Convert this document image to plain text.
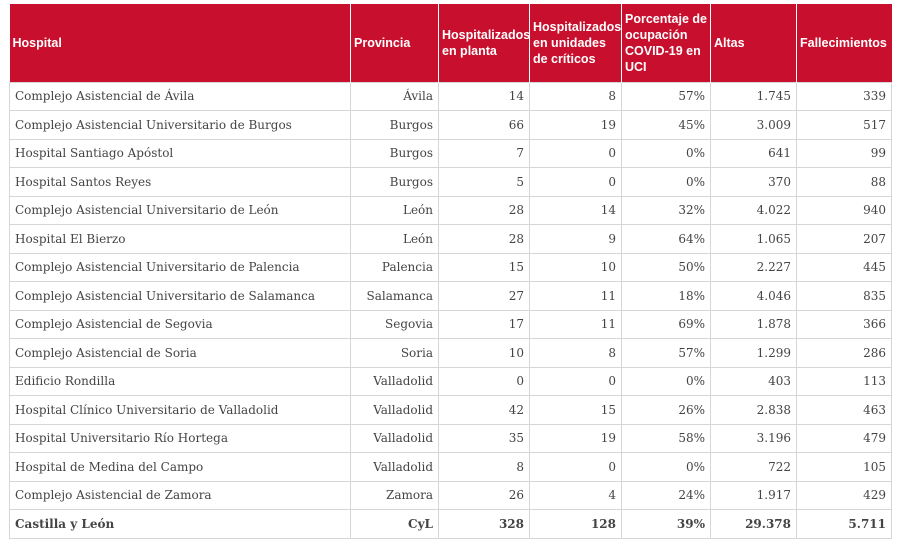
Hospital	Provincia	Hospitalizados en planta	Hospitalizados en unidades de críticos	Porcentaje de ocupación COVID-19 en UCI	Altas	Fallecimientos
Complejo Asistencial de Ávila	Ávila	14	8	57%	1.745	339
Complejo Asistencial Universitario de Burgos	Burgos	66	19	45%	3.009	517
Hospital Santiago Apóstol	Burgos	7	0	0%	641	99
Hospital Santos Reyes	Burgos	5	0	0%	370	88
Complejo Asistencial Universitario de León	León	28	14	32%	4.022	940
Hospital El Bierzo	León	28	9	64%	1.065	207
Complejo Asistencial Universitario de Palencia	Palencia	15	10	50%	2.227	445
Complejo Asistencial Universitario de Salamanca	Salamanca	27	11	18%	4.046	835
Complejo Asistencial de Segovia	Segovia	17	11	69%	1.878	366
Complejo Asistencial de Soria	Soria	10	8	57%	1.299	286
Edificio Rondilla	Valladolid	0	0	0%	403	113
Hospital Clínico Universitario de Valladolid	Valladolid	42	15	26%	2.838	463
Hospital Universitario Río Hortega	Valladolid	35	19	58%	3.196	479
Hospital de Medina del Campo	Valladolid	8	0	0%	722	105
Complejo Asistencial de Zamora	Zamora	26	4	24%	1.917	429
Castilla y León	CyL	328	128	39%	29.378	5.711
